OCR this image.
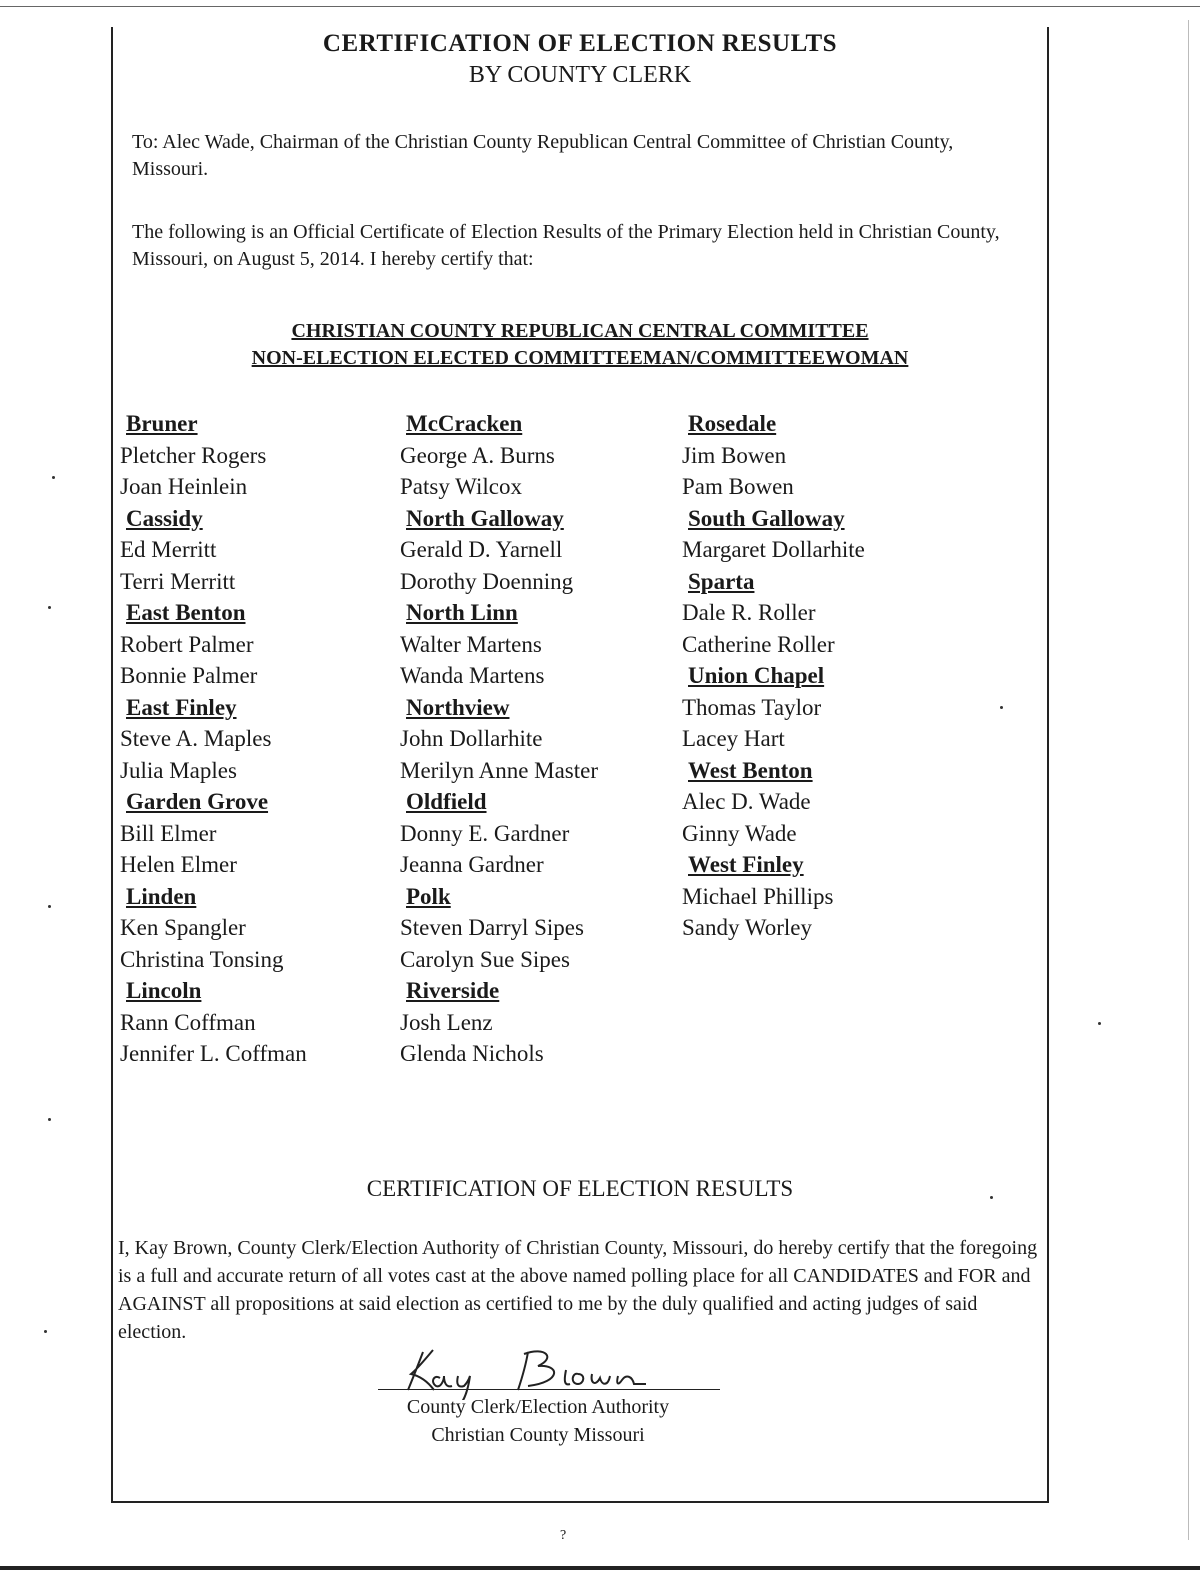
CERTIFICATION OF ELECTION RESULTS
BY COUNTY CLERK
To: Alec Wade, Chairman of the Christian County Republican Central Committee of Christian County, Missouri.
The following is an Official Certificate of Election Results of the Primary Election held in Christian County, Missouri, on August 5, 2014. I hereby certify that:
CHRISTIAN COUNTY REPUBLICAN CENTRAL COMMITTEE
NON-ELECTION ELECTED COMMITTEEMAN/COMMITTEEWOMAN
Bruner
Pletcher Rogers
Joan Heinlein
Cassidy
Ed Merritt
Terri Merritt
East Benton
Robert Palmer
Bonnie Palmer
East Finley
Steve A. Maples
Julia Maples
Garden Grove
Bill Elmer
Helen Elmer
Linden
Ken Spangler
Christina Tonsing
Lincoln
Rann Coffman
Jennifer L. Coffman
McCracken
George A. Burns
Patsy Wilcox
North Galloway
Gerald D. Yarnell
Dorothy Doenning
North Linn
Walter Martens
Wanda Martens
Northview
John Dollarhite
Merilyn Anne Master
Oldfield
Donny E. Gardner
Jeanna Gardner
Polk
Steven Darryl Sipes
Carolyn Sue Sipes
Riverside
Josh Lenz
Glenda Nichols
Rosedale
Jim Bowen
Pam Bowen
South Galloway
Margaret Dollarhite
Sparta
Dale R. Roller
Catherine Roller
Union Chapel
Thomas Taylor
Lacey Hart
West Benton
Alec D. Wade
Ginny Wade
West Finley
Michael Phillips
Sandy Worley
CERTIFICATION OF ELECTION RESULTS
I, Kay Brown, County Clerk/Election Authority of Christian County, Missouri, do hereby certify that the foregoing is a full and accurate return of all votes cast at the above named polling place for all CANDIDATES and FOR and AGAINST all propositions at said election as certified to me by the duly qualified and acting judges of said election.
County Clerk/Election Authority
Christian County Missouri
?
